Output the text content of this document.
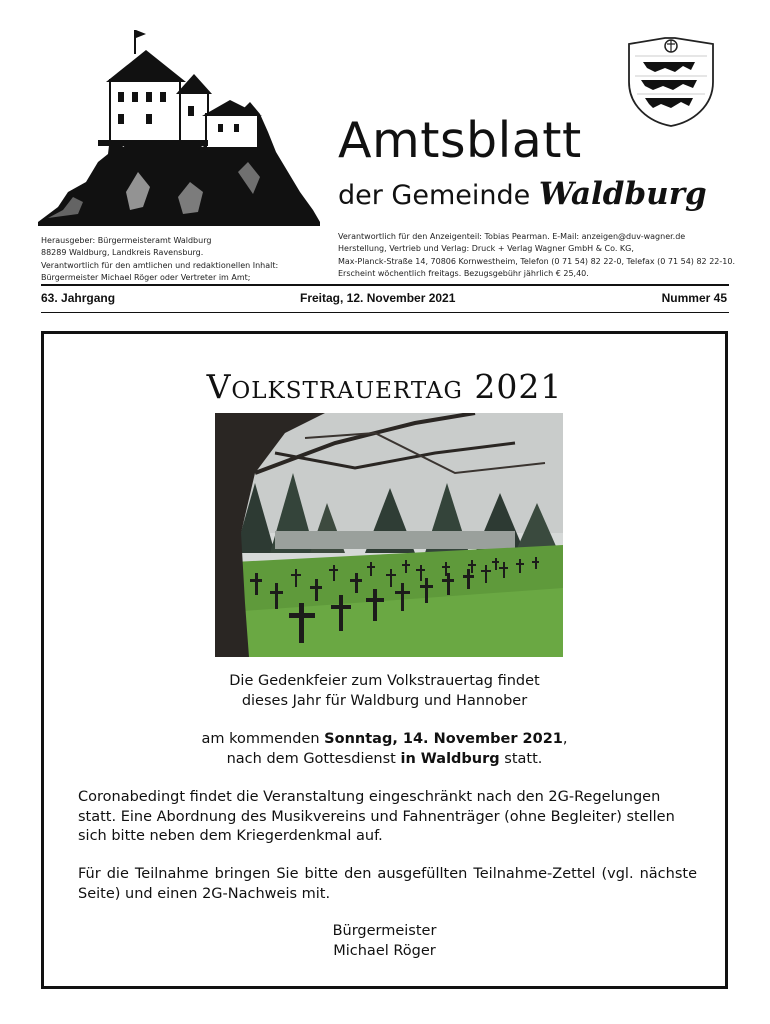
Amtsblatt
der Gemeinde Waldburg
Herausgeber: Bürgermeisteramt Waldburg
88289 Waldburg, Landkreis Ravensburg.
Verantwortlich für den amtlichen und redaktionellen Inhalt:
Bürgermeister Michael Röger oder Vertreter im Amt;
Verantwortlich für den Anzeigenteil: Tobias Pearman. E-Mail: anzeigen@duv-wagner.de
Herstellung, Vertrieb und Verlag: Druck + Verlag Wagner GmbH & Co. KG,
Max-Planck-Straße 14, 70806 Kornwestheim, Telefon (0 71 54) 82 22-0, Telefax (0 71 54) 82 22-10.
Erscheint wöchentlich freitags. Bezugsgebühr jährlich € 25,40.
63. Jahrgang	Freitag, 12. November 2021	Nummer 45
Volkstrauertag 2021
Die Gedenkfeier zum Volkstrauertag findet
dieses Jahr für Waldburg und Hannober
am kommenden Sonntag, 14. November 2021,
nach dem Gottesdienst in Waldburg statt.
Coronabedingt findet die Veranstaltung eingeschränkt nach den 2G-Regelungen statt. Eine Abordnung des Musikvereins und Fahnenträger (ohne Begleiter) stellen sich bitte neben dem Kriegerdenkmal auf.
Für die Teilnahme bringen Sie bitte den ausgefüllten Teilnahme-Zettel (vgl. nächste Seite) und einen 2G-Nachweis mit.
Bürgermeister
Michael Röger
